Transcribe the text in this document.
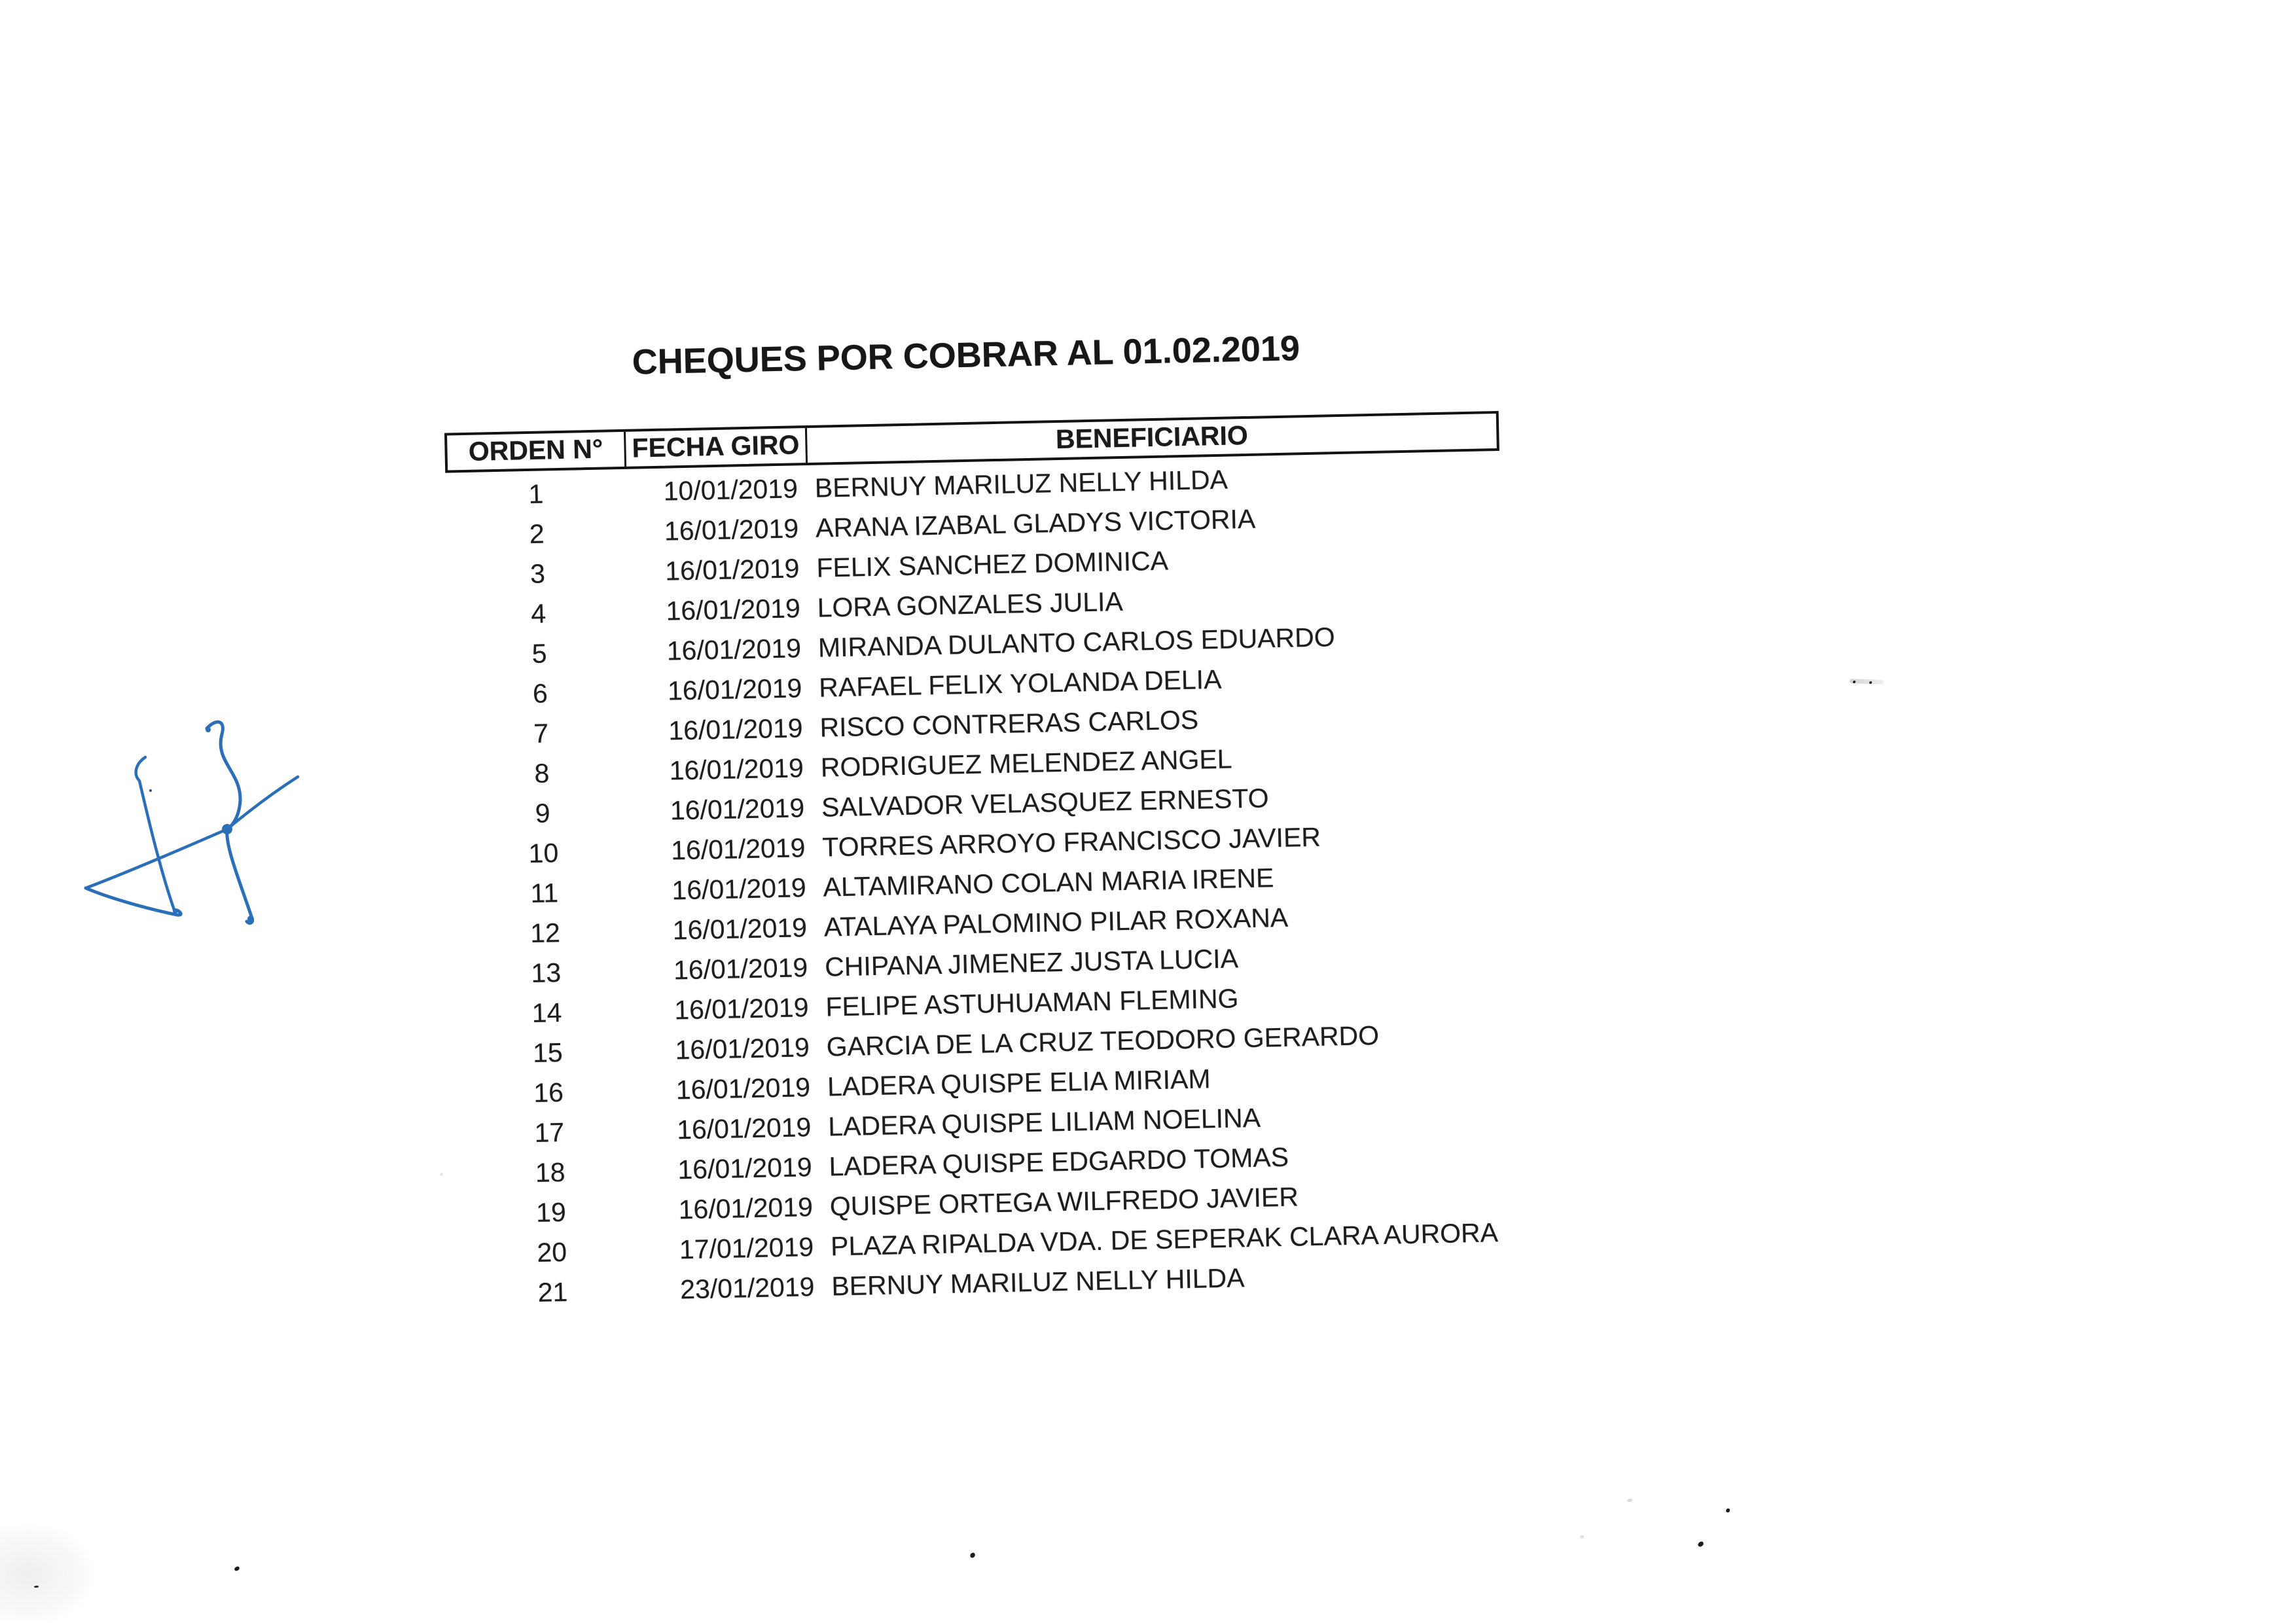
CHEQUES POR COBRAR AL 01.02.2019
ORDEN N°	FECHA GIRO	BENEFICIARIO
1	10/01/2019 BERNUY MARILUZ NELLY HILDA
2	16/01/2019 ARANA IZABAL GLADYS VICTORIA
3	16/01/2019 FELIX SANCHEZ DOMINICA
4	16/01/2019 LORA GONZALES JULIA
5	16/01/2019 MIRANDA DULANTO CARLOS EDUARDO
6	16/01/2019 RAFAEL FELIX YOLANDA DELIA
7	16/01/2019 RISCO CONTRERAS CARLOS
8	16/01/2019 RODRIGUEZ MELENDEZ ANGEL
9	16/01/2019 SALVADOR VELASQUEZ ERNESTO
10	16/01/2019 TORRES ARROYO FRANCISCO JAVIER
11	16/01/2019 ALTAMIRANO COLAN MARIA IRENE
12	16/01/2019 ATALAYA PALOMINO PILAR ROXANA
13	16/01/2019 CHIPANA JIMENEZ JUSTA LUCIA
14	16/01/2019 FELIPE ASTUHUAMAN FLEMING
15	16/01/2019 GARCIA DE LA CRUZ TEODORO GERARDO
16	16/01/2019 LADERA QUISPE ELIA MIRIAM
17	16/01/2019 LADERA QUISPE LILIAM NOELINA
18	16/01/2019 LADERA QUISPE EDGARDO TOMAS
19	16/01/2019 QUISPE ORTEGA WILFREDO JAVIER
20	17/01/2019 PLAZA RIPALDA VDA. DE SEPERAK CLARA AURORA
21	23/01/2019 BERNUY MARILUZ NELLY HILDA
